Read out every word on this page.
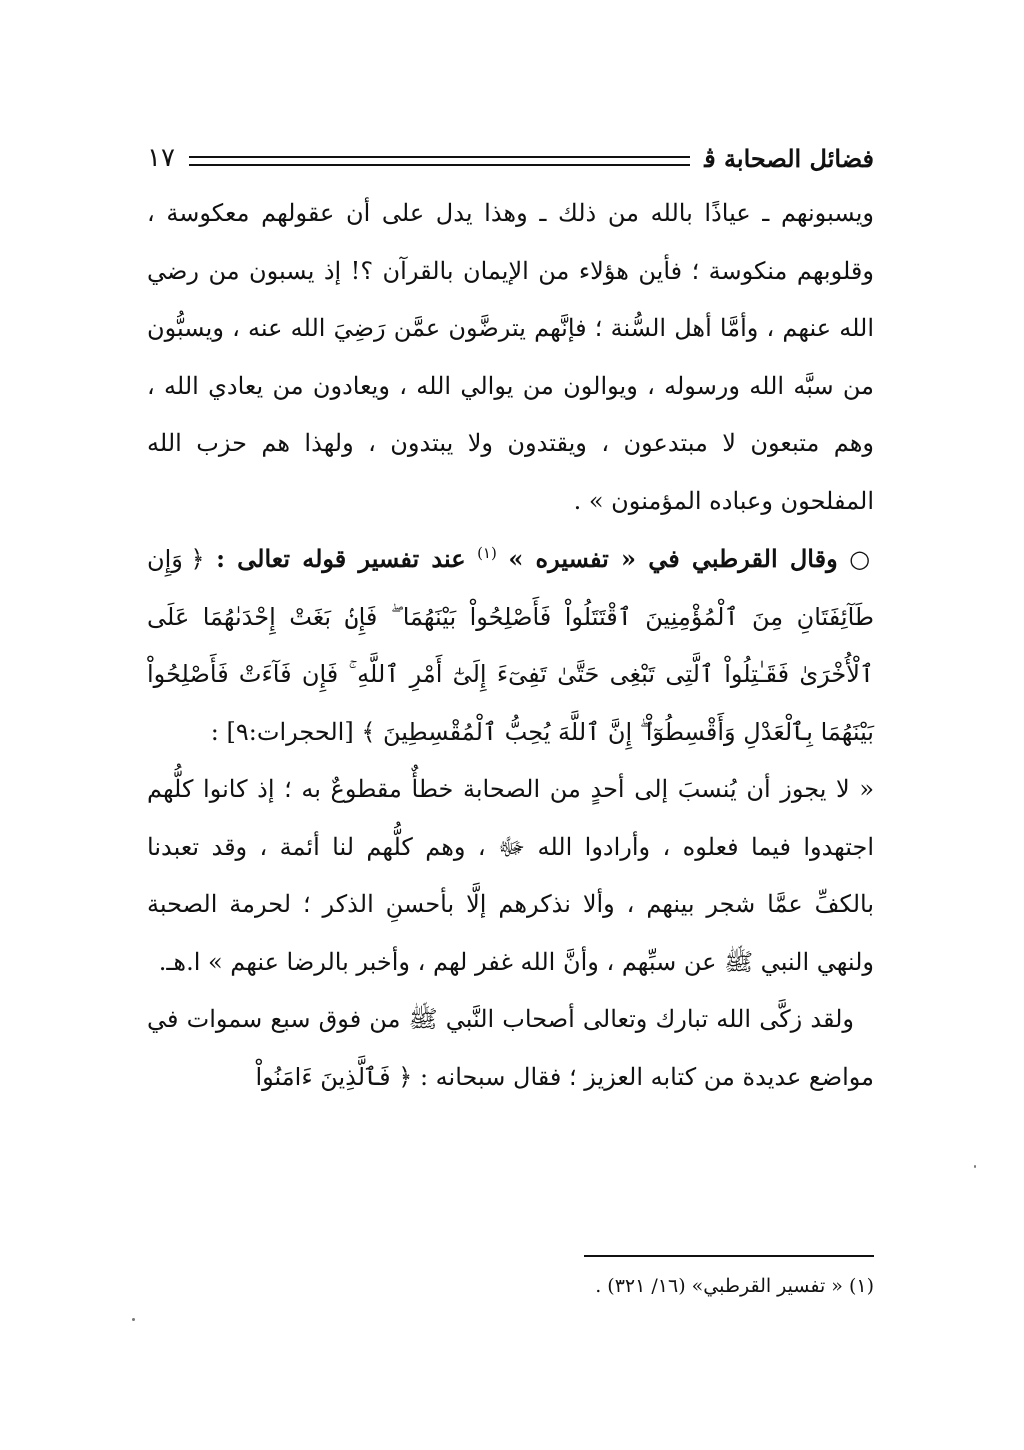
فضائل الصحابة ﭬ
١٧

ويسبونهم ـ عياذًا بالله من ذلك ـ وهذا يدل على أن عقولهم معكوسة ، وقلوبهم منكوسة ؛ فأين هؤلاء من الإيمان بالقرآن ؟! إذ يسبون من رضي الله عنهم ، وأمَّا أهل السُّنة ؛ فإنَّهم يترضَّون عمَّن رَضِيَ الله عنه ، ويسبُّون من سبَّه الله ورسوله ، ويوالون من يوالي الله ، ويعادون من يعادي الله ، وهم متبعون لا مبتدعون ، ويقتدون ولا يبتدون ، ولهذا هم حزب الله المفلحون وعباده المؤمنون » .

○ وقال القرطبي في « تفسيره » $^{(١)}$ عند تفسير قوله تعالى : ﴿ وَإِن طَآئِفَتَانِ مِنَ ٱلْمُؤْمِنِينَ ٱقْتَتَلُواْ فَأَصْلِحُواْ بَيْنَهُمَا ۖ فَإِنۢ بَغَتْ إِحْدَىٰهُمَا عَلَى ٱلْأُخْرَىٰ فَقَـٰتِلُواْ ٱلَّتِى تَبْغِى حَتَّىٰ تَفِىٓءَ إِلَىٰٓ أَمْرِ ٱللَّهِ ۚ فَإِن فَآءَتْ فَأَصْلِحُواْ بَيْنَهُمَا بِٱلْعَدْلِ وَأَقْسِطُوٓاْ ۖ إِنَّ ٱللَّهَ يُحِبُّ ٱلْمُقْسِطِينَ ﴾ [الحجرات:٩] :

« لا يجوز أن يُنسبَ إلى أحدٍ من الصحابة خطأٌ مقطوعٌ به ؛ إذ كانوا كلُّهم اجتهدوا فيما فعلوه ، وأرادوا الله ﷻ ، وهم كلُّهم لنا أئمة ، وقد تعبدنا بالكفِّ عمَّا شجر بينهم ، وألا نذكرهم إلَّا بأحسنِ الذكر ؛ لحرمة الصحبة ولنهي النبي ﷺ عن سبِّهم ، وأنَّ الله غفر لهم ، وأخبر بالرضا عنهم » ا.هـ.

ولقد زكَّى الله تبارك وتعالى أصحاب النَّبي ﷺ من فوق سبع سموات في مواضع عديدة من كتابه العزيز ؛ فقال سبحانه : ﴿ فَٱلَّذِينَ ءَامَنُواْ

(١) « تفسير القرطبي» (١٦/ ٣٢١) .
